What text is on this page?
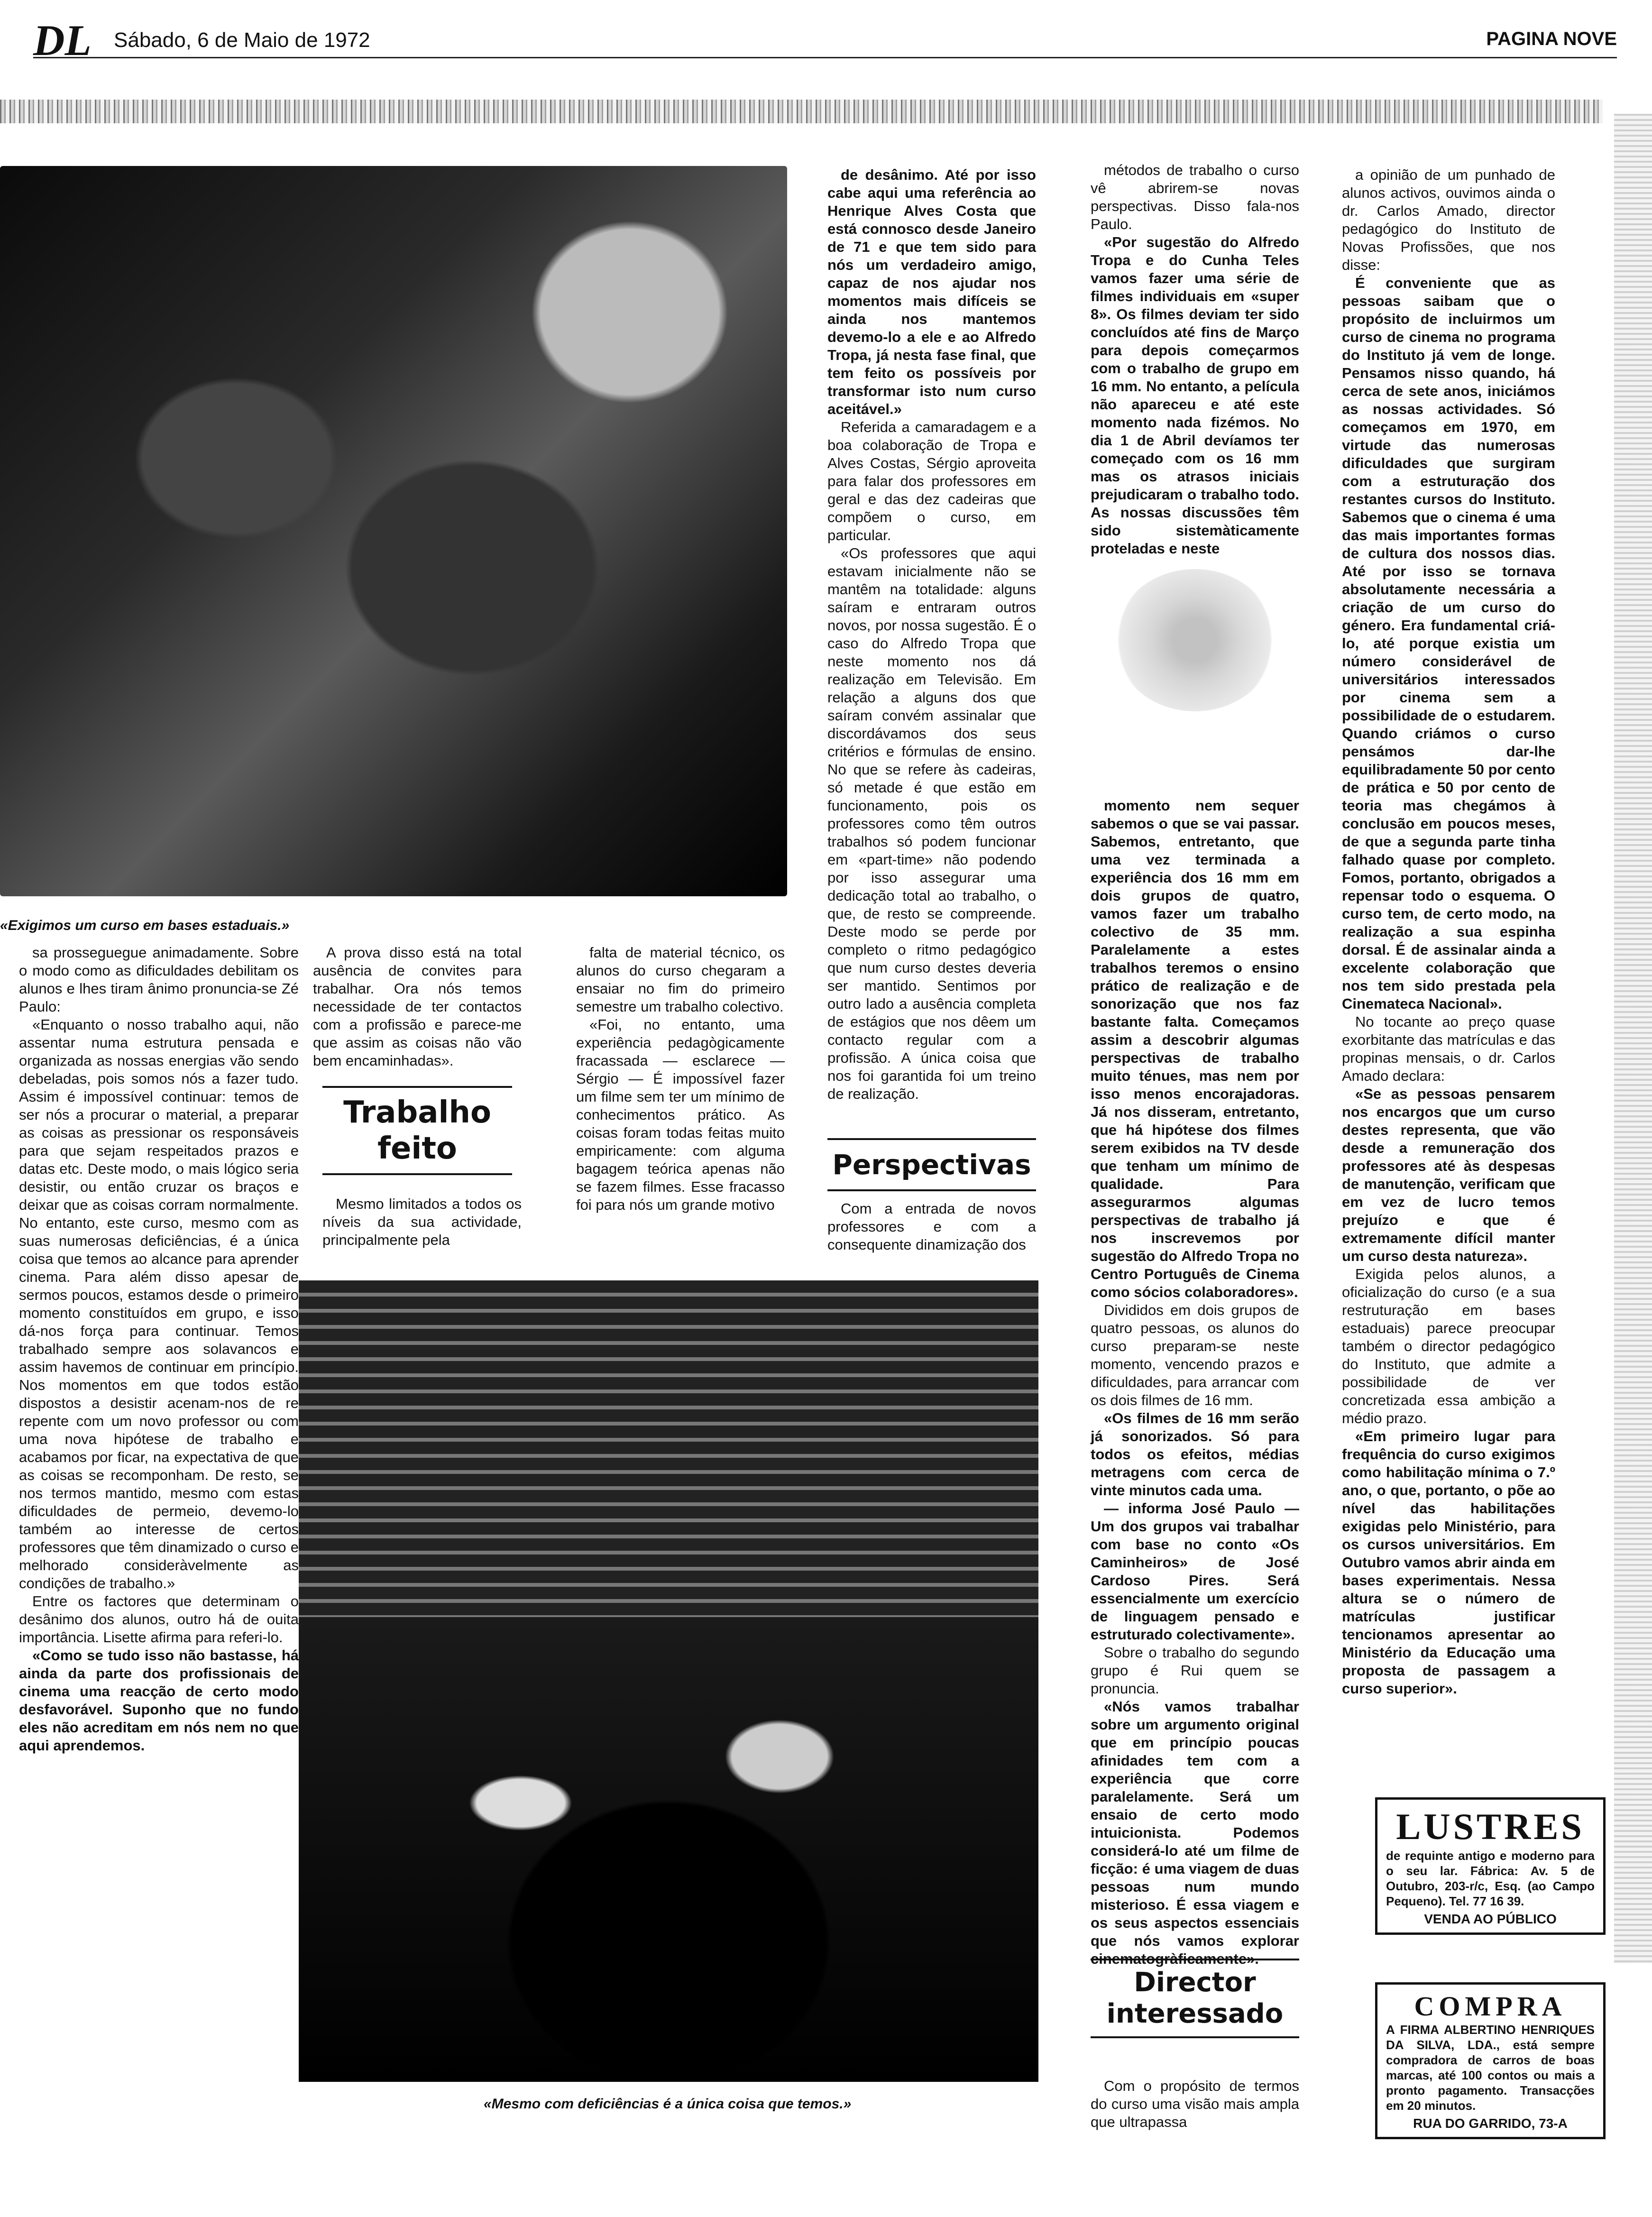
DL Sábado, 6 de Maio de 1972	PAGINA NOVE
«Exigimos um curso em bases estaduais.»

sa prosseguegue animadamente. Sobre o modo como as dificuldades debilitam os alunos e lhes tiram ânimo pronuncia-se Zé Paulo:

«Enquanto o nosso trabalho aqui, não assentar numa estrutura pensada e organizada as nossas energias vão sendo debeladas, pois somos nós a fazer tudo. Assim é impossível continuar: temos de ser nós a procurar o material, a preparar as coisas as pressionar os responsáveis para que sejam respeitados prazos e datas etc. Deste modo, o mais lógico seria desistir, ou então cruzar os braços e deixar que as coisas corram normalmente. No entanto, este curso, mesmo com as suas numerosas deficiências, é a única coisa que temos ao alcance para aprender cinema. Para além disso apesar de sermos poucos, estamos desde o primeiro momento constituídos em grupo, e isso dá-nos força para continuar. Temos trabalhado sempre aos solavancos e assim havemos de continuar em princípio. Nos momentos em que todos estão dispostos a desistir acenam-nos de re repente com um novo professor ou com uma nova hipótese de trabalho e acabamos por ficar, na expectativa de que as coisas se recomponham. De resto, se nos termos mantido, mesmo com estas dificuldades de permeio, devemo-lo também ao interesse de certos professores que têm dinamizado o curso e melhorado consideràvelmente as condições de trabalho.»

Entre os factores que determinam o desânimo dos alunos, outro há de ouita importância. Lisette afirma para referi-lo.

«Como se tudo isso não bastasse, há ainda da parte dos profissionais de cinema uma reacção de certo modo desfavorável. Suponho que no fundo eles não acreditam em nós nem no que aqui aprendemos.

A prova disso está na total ausência de convites para trabalhar. Ora nós temos necessidade de ter contactos com a profissão e parece-me que assim as coisas não vão bem encaminhadas».

Trabalho feito

Mesmo limitados a todos os níveis da sua actividade, principalmente pela

falta de material técnico, os alunos do curso chegaram a ensaiar no fim do primeiro semestre um trabalho colectivo.

«Foi, no entanto, uma experiência pedagògicamente fracassada — esclarece — Sérgio — É impossível fazer um filme sem ter um mínimo de conhecimentos prático. As coisas foram todas feitas muito empiricamente: com alguma bagagem teórica apenas não se fazem filmes. Esse fracasso foi para nós um grande motivo

de desânimo. Até por isso cabe aqui uma referência ao Henrique Alves Costa que está connosco desde Janeiro de 71 e que tem sido para nós um verdadeiro amigo, capaz de nos ajudar nos momentos mais difíceis se ainda nos mantemos devemo-lo a ele e ao Alfredo Tropa, já nesta fase final, que tem feito os possíveis por transformar isto num curso aceitável.»

Referida a camaradagem e a boa colaboração de Tropa e Alves Costas, Sérgio aproveita para falar dos professores em geral e das dez cadeiras que compõem o curso, em particular.

«Os professores que aqui estavam inicialmente não se mantêm na totalidade: alguns saíram e entraram outros novos, por nossa sugestão. É o caso do Alfredo Tropa que neste momento nos dá realização em Televisão. Em relação a alguns dos que saíram convém assinalar que discordávamos dos seus critérios e fórmulas de ensino. No que se refere às cadeiras, só metade é que estão em funcionamento, pois os professores como têm outros trabalhos só podem funcionar em «part-time» não podendo por isso assegurar uma dedicação total ao trabalho, o que, de resto se compreende. Deste modo se perde por completo o ritmo pedagógico que num curso destes deveria ser mantido. Sentimos por outro lado a ausência completa de estágios que nos dêem um contacto regular com a profissão. A única coisa que nos foi garantida foi um treino de realização.

Perspectivas

Com a entrada de novos professores e com a consequente dinamização dos

métodos de trabalho o curso vê abrirem-se novas perspectivas. Disso fala-nos Paulo.

«Por sugestão do Alfredo Tropa e do Cunha Teles vamos fazer uma série de filmes individuais em «super 8». Os filmes deviam ter sido concluídos até fins de Março para depois começarmos com o trabalho de grupo em 16 mm. No entanto, a película não apareceu e até este momento nada fizémos. No dia 1 de Abril devíamos ter começado com os 16 mm mas os atrasos iniciais prejudicaram o trabalho todo. As nossas discussões têm sido sistemàticamente proteladas e neste

momento nem sequer sabemos o que se vai passar. Sabemos, entretanto, que uma vez terminada a experiência dos 16 mm em dois grupos de quatro, vamos fazer um trabalho colectivo de 35 mm. Paralelamente a estes trabalhos teremos o ensino prático de realização e de sonorização que nos faz bastante falta. Começamos assim a descobrir algumas perspectivas de trabalho muito ténues, mas nem por isso menos encorajadoras. Já nos disseram, entretanto, que há hipótese dos filmes serem exibidos na TV desde que tenham um mínimo de qualidade. Para assegurarmos algumas perspectivas de trabalho já nos inscrevemos por sugestão do Alfredo Tropa no Centro Português de Cinema como sócios colaboradores».

Divididos em dois grupos de quatro pessoas, os alunos do curso preparam-se neste momento, vencendo prazos e dificuldades, para arrancar com os dois filmes de 16 mm.

«Os filmes de 16 mm serão já sonorizados. Só para todos os efeitos, médias metragens com cerca de vinte minutos cada uma.

— informa José Paulo — Um dos grupos vai trabalhar com base no conto «Os Caminheiros» de José Cardoso Pires. Será essencialmente um exercício de linguagem pensado e estruturado colectivamente».

Sobre o trabalho do segundo grupo é Rui quem se pronuncia.

«Nós vamos trabalhar sobre um argumento original que em princípio poucas afinidades tem com a experiência que corre paralelamente. Será um ensaio de certo modo intuicionista. Podemos considerá-lo até um filme de ficção: é uma viagem de duas pessoas num mundo misterioso. É essa viagem e os seus aspectos essenciais que nós vamos explorar cinematogràficamente».

Director interessado

Com o propósito de termos do curso uma visão mais ampla que ultrapassa

a opinião de um punhado de alunos activos, ouvimos ainda o dr. Carlos Amado, director pedagógico do Instituto de Novas Profissões, que nos disse:

É conveniente que as pessoas saibam que o propósito de incluirmos um curso de cinema no programa do Instituto já vem de longe. Pensamos nisso quando, há cerca de sete anos, iniciámos as nossas actividades. Só começamos em 1970, em virtude das numerosas dificuldades que surgiram com a estruturação dos restantes cursos do Instituto. Sabemos que o cinema é uma das mais importantes formas de cultura dos nossos dias. Até por isso se tornava absolutamente necessária a criação de um curso do género. Era fundamental criá-lo, até porque existia um número considerável de universitários interessados por cinema sem a possibilidade de o estudarem. Quando criámos o curso pensámos dar-lhe equilibradamente 50 por cento de prática e 50 por cento de teoria mas chegámos à conclusão em poucos meses, de que a segunda parte tinha falhado quase por completo. Fomos, portanto, obrigados a repensar todo o esquema. O curso tem, de certo modo, na realização a sua espinha dorsal. É de assinalar ainda a excelente colaboração que nos tem sido prestada pela Cinemateca Nacional».

No tocante ao preço quase exorbitante das matrículas e das propinas mensais, o dr. Carlos Amado declara:

«Se as pessoas pensarem nos encargos que um curso destes representa, que vão desde a remuneração dos professores até às despesas de manutenção, verificam que em vez de lucro temos prejuízo e que é extremamente difícil manter um curso desta natureza».

Exigida pelos alunos, a oficialização do curso (e a sua restruturação em bases estaduais) parece preocupar também o director pedagógico do Instituto, que admite a possibilidade de ver concretizada essa ambição a médio prazo.

«Em primeiro lugar para frequência do curso exigimos como habilitação mínima o 7.º ano, o que, portanto, o põe ao nível das habilitações exigidas pelo Ministério, para os cursos universitários. Em Outubro vamos abrir ainda em bases experimentais. Nessa altura se o número de matrículas justificar tencionamos apresentar ao Ministério da Educação uma proposta de passagem a curso superior».

«Mesmo com deficiências é a única coisa que temos.»
LUSTRES
de requinte antigo e moderno para o seu lar. Fábrica: Av. 5 de Outubro, 203-r/c, Esq. (ao Campo Pequeno). Tel. 77 16 39.
VENDA AO PÚBLICO
COMPRA
A FIRMA ALBERTINO HENRIQUES DA SILVA, LDA., está sempre compradora de carros de boas marcas, até 100 contos ou mais a pronto pagamento. Transacções em 20 minutos.
RUA DO GARRIDO, 73-A
